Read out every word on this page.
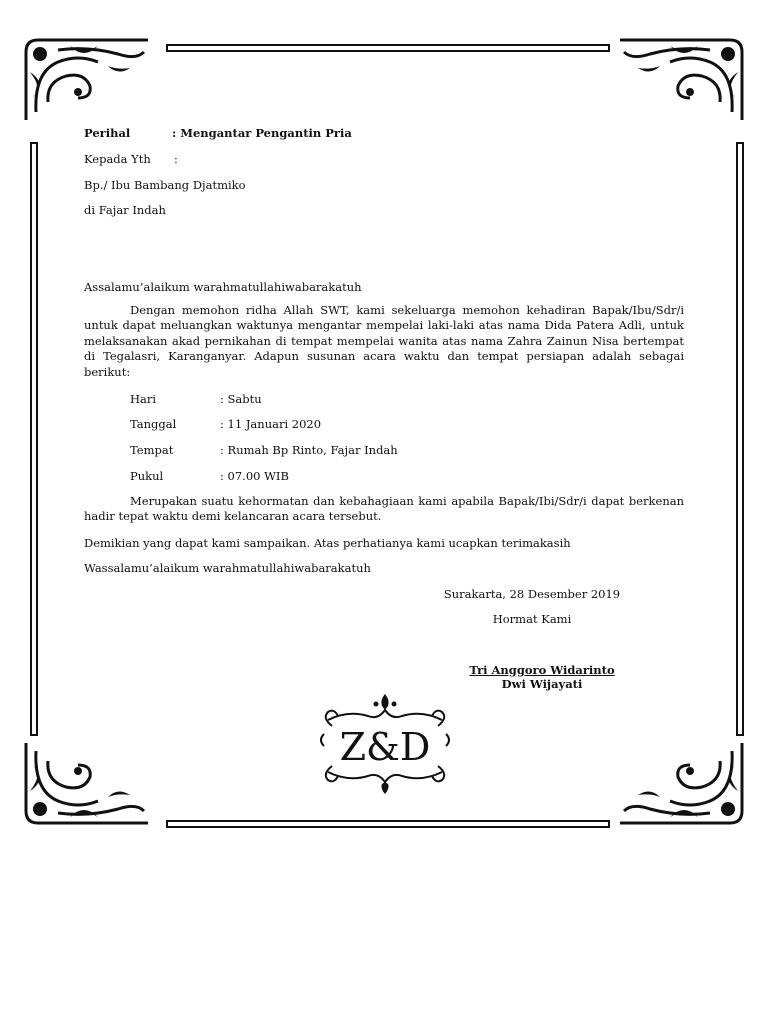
Perihal	: Mengantar Pengantin Pria
Kepada Yth :
Bp./ Ibu Bambang Djatmiko
di Fajar Indah
Assalamu’alaikum warahmatullahiwabarakatuh
Dengan memohon ridha Allah SWT, kami sekeluarga memohon kehadiran Bapak/Ibu/Sdr/i untuk dapat meluangkan waktunya mengantar mempelai laki-laki atas nama Dida Patera Adli, untuk melaksanakan akad pernikahan di tempat mempelai wanita atas nama Zahra Zainun Nisa bertempat di Tegalasri, Karanganyar. Adapun susunan acara waktu dan tempat persiapan adalah sebagai berikut:
Hari	: Sabtu
Tanggal	: 11 Januari 2020
Tempat	: Rumah Bp Rinto, Fajar Indah
Pukul	: 07.00 WIB
Merupakan suatu kehormatan dan kebahagiaan kami apabila Bapak/Ibi/Sdr/i dapat berkenan hadir tepat waktu demi kelancaran acara tersebut.
Demikian yang dapat kami sampaikan. Atas perhatianya kami ucapkan terimakasih
Wassalamu’alaikum warahmatullahiwabarakatuh
Surakarta, 28 Desember 2019
Hormat Kami
Tri Anggoro Widarinto
Dwi Wijayati
Z&D
